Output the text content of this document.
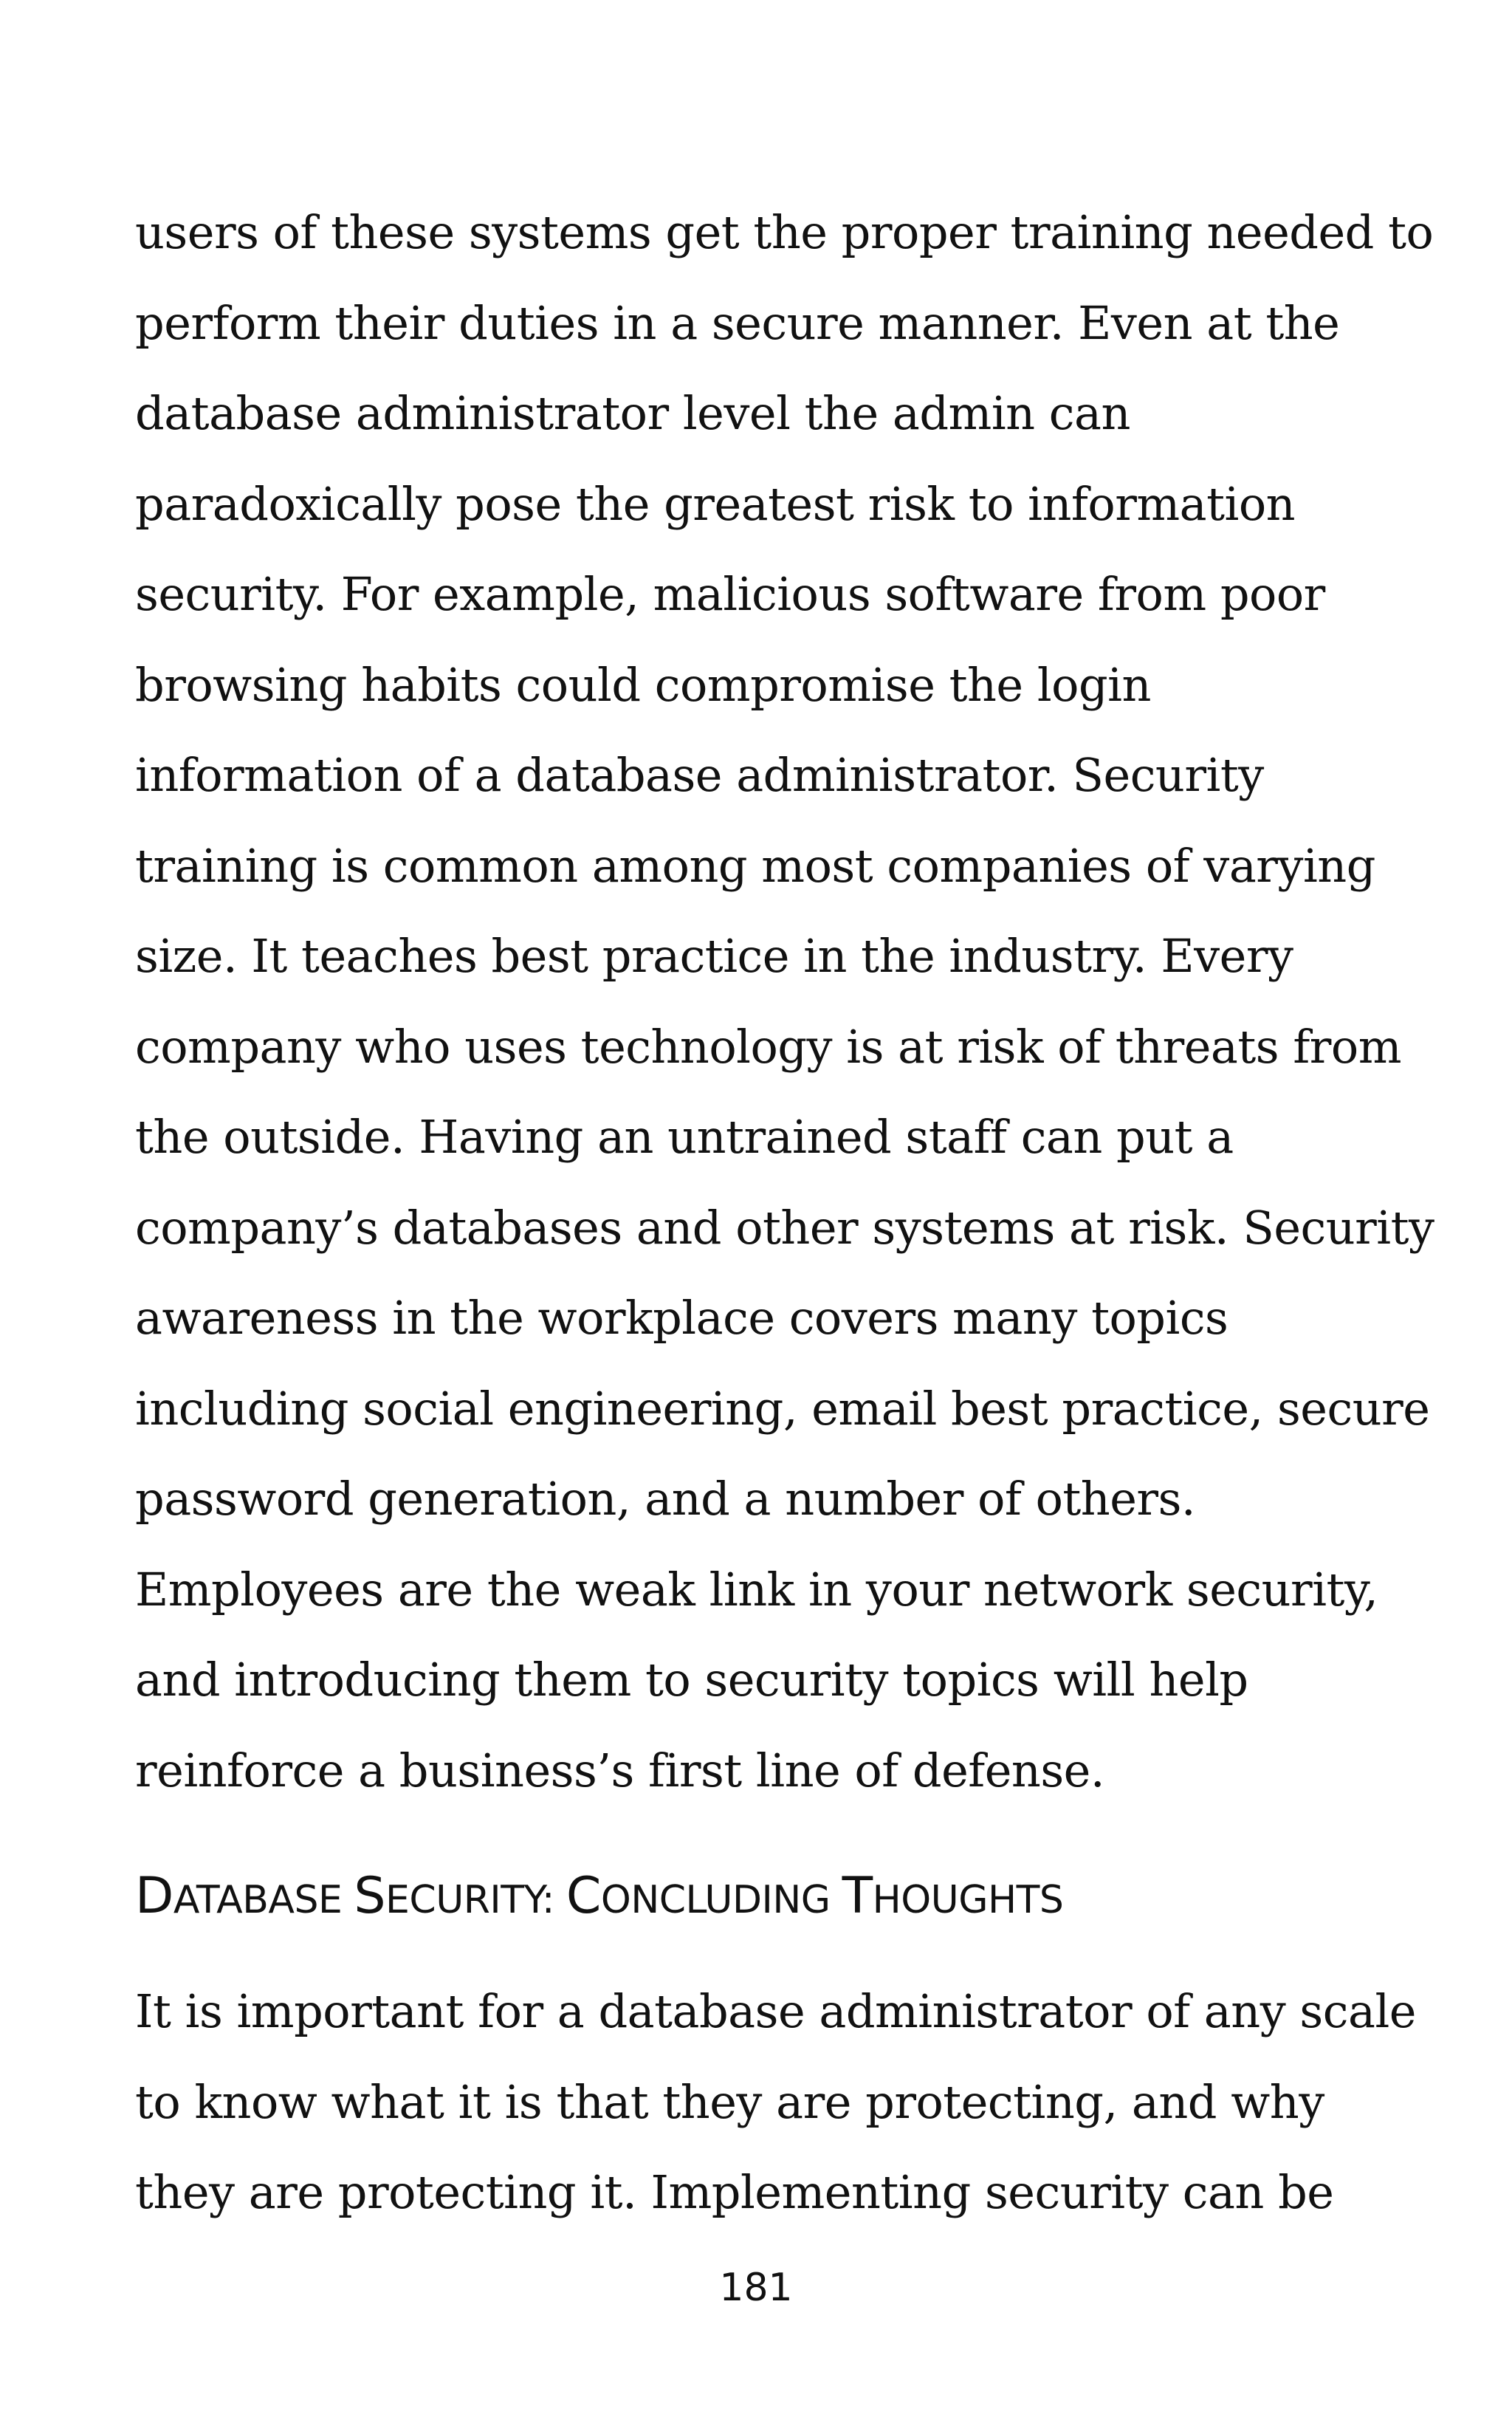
users of these systems get the proper training needed to
perform their duties in a secure manner. Even at the
database administrator level the admin can
paradoxically pose the greatest risk to information
security. For example, malicious software from poor
browsing habits could compromise the login
information of a database administrator. Security
training is common among most companies of varying
size. It teaches best practice in the industry. Every
company who uses technology is at risk of threats from
the outside. Having an untrained staff can put a
company’s databases and other systems at risk. Security
awareness in the workplace covers many topics
including social engineering, email best practice, secure
password generation, and a number of others.
Employees are the weak link in your network security,
and introducing them to security topics will help
reinforce a business’s first line of defense.

DATABASE SECURITY: CONCLUDING THOUGHTS

It is important for a database administrator of any scale
to know what it is that they are protecting, and why
they are protecting it. Implementing security can be

181
